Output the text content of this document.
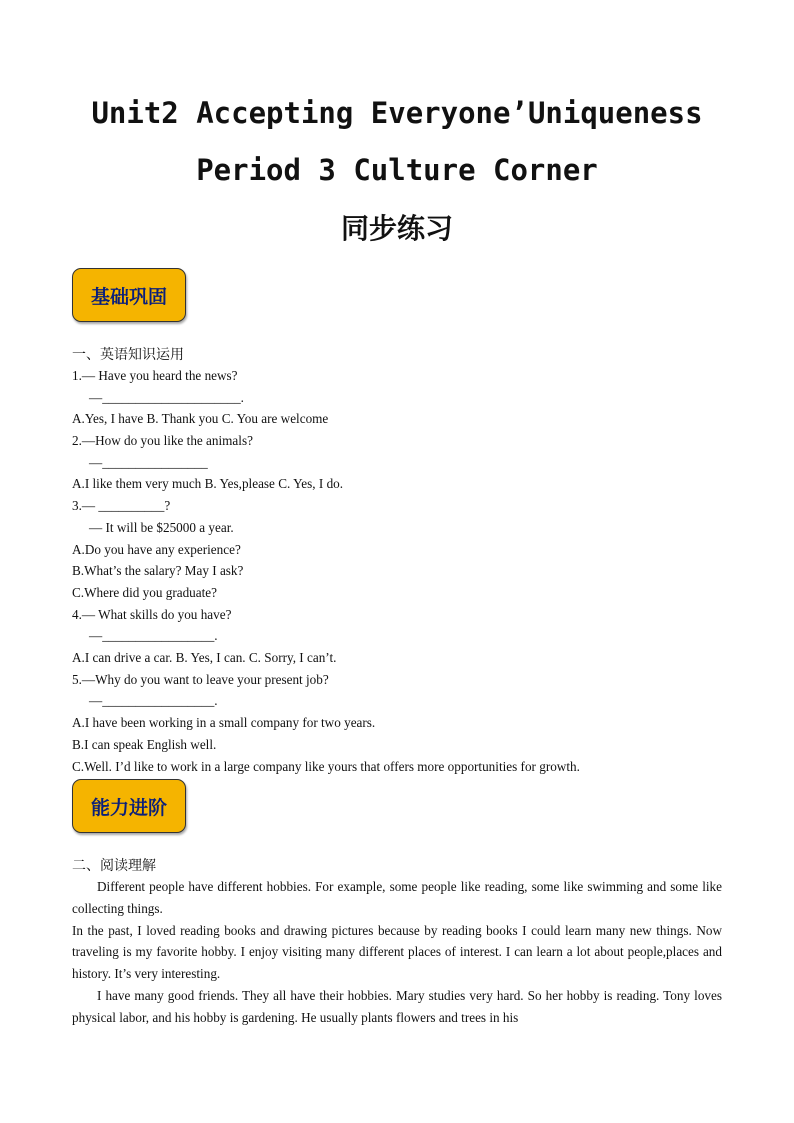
Unit2 Accepting Everyone’Uniqueness
Period 3 Culture Corner
同步练习
基础巩固
一、英语知识运用
1.— Have you heard the news?
—_____________________.
A.Yes, I have B. Thank you C. You are welcome
2.—How do you like the animals?
—________________
A.I like them very much B. Yes,please C. Yes, I do.
3.— __________?
— It will be $25000 a year.
A.Do you have any experience?
B.What’s the salary? May I ask?
C.Where did you graduate?
4.— What skills do you have?
—_________________.
A.I can drive a car. B. Yes, I can. C. Sorry, I can’t.
5.—Why do you want to leave your present job?
—_________________.
A.I have been working in a small company for two years.
B.I can speak English well.
C.Well. I’d like to work in a large company like yours that offers more opportunities for growth.
能力进阶
二、阅读理解

Different people have different hobbies. For example, some people like reading, some like swimming and some like collecting things.

In the past, I loved reading books and drawing pictures because by reading books I could learn many new things. Now traveling is my favorite hobby. I enjoy visiting many different places of interest. I can learn a lot about people,places and history. It’s very interesting.

I have many good friends. They all have their hobbies. Mary studies very hard. So her hobby is reading. Tony loves physical labor, and his hobby is gardening. He usually plants flowers and trees in his
